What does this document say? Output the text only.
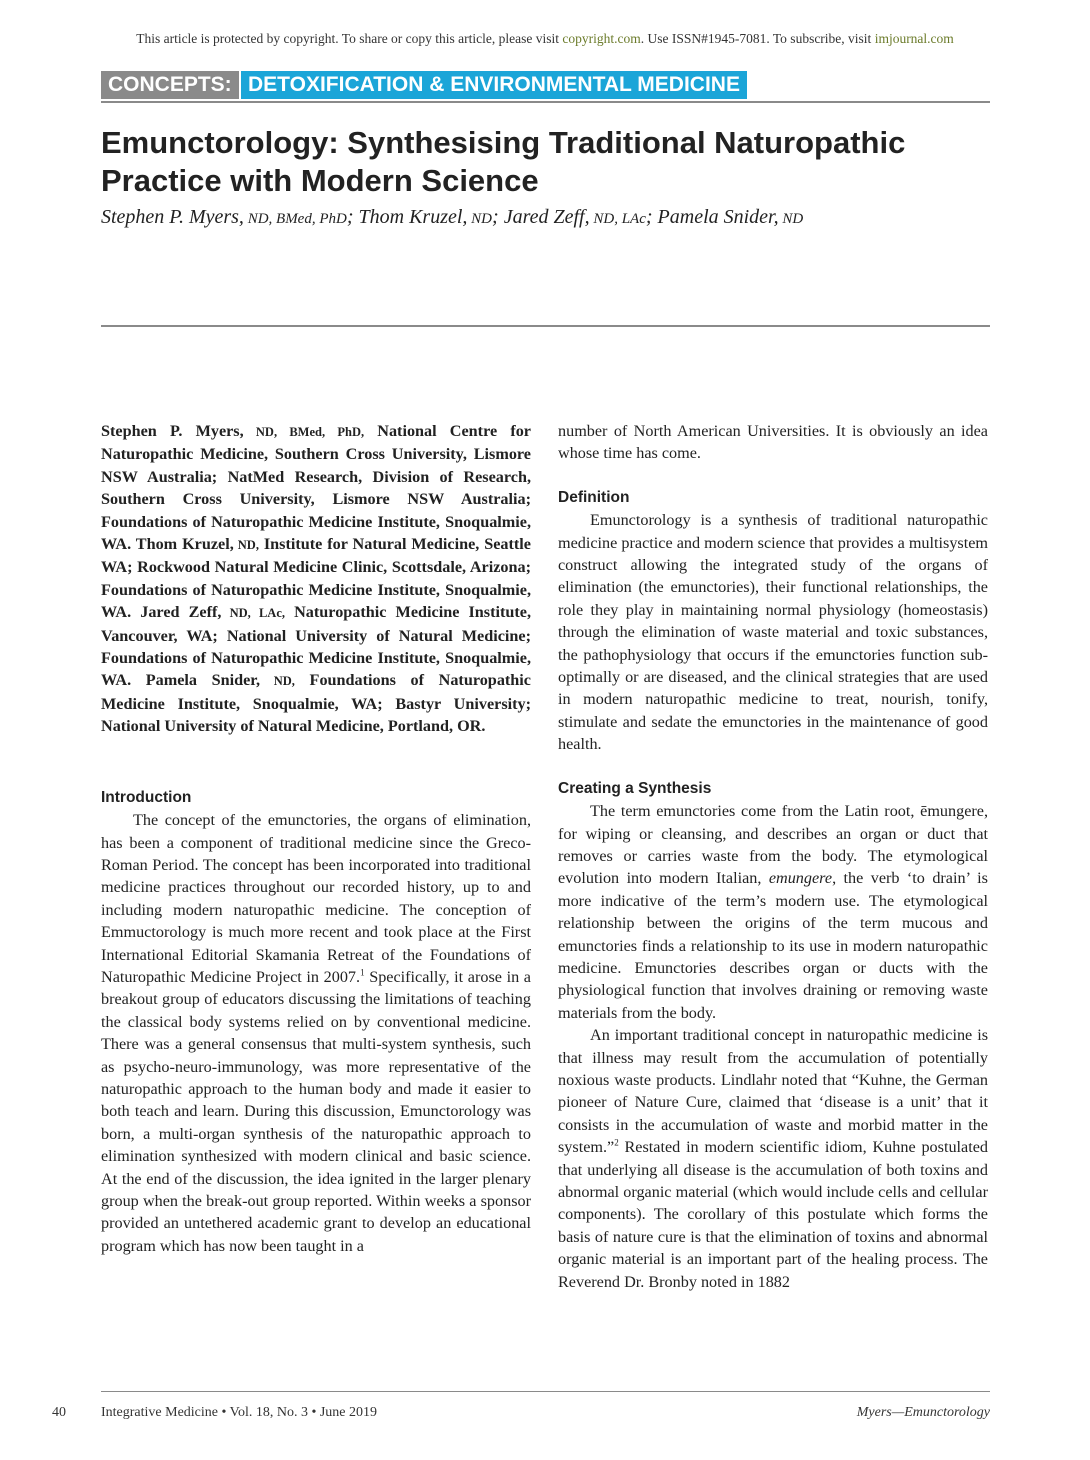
This article is protected by copyright. To share or copy this article, please visit copyright.com. Use ISSN#1945-7081. To subscribe, visit imjournal.com
CONCEPTS: DETOXIFICATION & ENVIRONMENTAL MEDICINE
Emunctorology: Synthesising Traditional Naturopathic
Practice with Modern Science
Stephen P. Myers, ND, BMed, PhD; Thom Kruzel, ND; Jared Zeff, ND, LAc; Pamela Snider, ND

Stephen P. Myers, ND, BMed, PhD, National Centre for Naturopathic Medicine, Southern Cross University, Lismore NSW Australia; NatMed Research, Division of Research, Southern Cross University, Lismore NSW Australia; Foundations of Naturopathic Medicine Institute, Snoqualmie, WA. Thom Kruzel, ND, Institute for Natural Medicine, Seattle WA; Rockwood Natural Medicine Clinic, Scottsdale, Arizona; Foundations of Naturopathic Medicine Institute, Snoqualmie, WA. Jared Zeff, ND, LAc, Naturopathic Medicine Institute, Vancouver, WA; National University of Natural Medicine; Foundations of Naturopathic Medicine Institute, Snoqualmie, WA. Pamela Snider, ND, Foundations of Naturopathic Medicine Institute, Snoqualmie, WA; Bastyr University; National University of Natural Medicine, Portland, OR.

Introduction

The concept of the emunctories, the organs of elimination, has been a component of traditional medicine since the Greco-Roman Period. The concept has been incorporated into traditional medicine practices throughout our recorded history, up to and including modern naturopathic medicine. The conception of Emmuctorology is much more recent and took place at the First International Editorial Skamania Retreat of the Foundations of Naturopathic Medicine Project in 2007.$^1$ Specifically, it arose in a breakout group of educators discussing the limitations of teaching the classical body systems relied on by conventional medicine. There was a general consensus that multi-system synthesis, such as psycho-neuro-immunology, was more representative of the naturopathic approach to the human body and made it easier to both teach and learn. During this discussion, Emunctorology was born, a multi-organ synthesis of the naturopathic approach to elimination synthesized with modern clinical and basic science. At the end of the discussion, the idea ignited in the larger plenary group when the break-out group reported. Within weeks a sponsor provided an untethered academic grant to develop an educational program which has now been taught in a

number of North American Universities. It is obviously an idea whose time has come.

Definition

Emunctorology is a synthesis of traditional naturopathic medicine practice and modern science that provides a multisystem construct allowing the integrated study of the organs of elimination (the emunctories), their functional relationships, the role they play in maintaining normal physiology (homeostasis) through the elimination of waste material and toxic substances, the pathophysiology that occurs if the emunctories function sub-optimally or are diseased, and the clinical strategies that are used in modern naturopathic medicine to treat, nourish, tonify, stimulate and sedate the emunctories in the maintenance of good health.

Creating a Synthesis

The term emunctories come from the Latin root, ēmungere, for wiping or cleansing, and describes an organ or duct that removes or carries waste from the body. The etymological evolution into modern Italian, emungere, the verb ‘to drain’ is more indicative of the term’s modern use. The etymological relationship between the origins of the term mucous and emunctories finds a relationship to its use in modern naturopathic medicine. Emunctories describes organ or ducts with the physiological function that involves draining or removing waste materials from the body.

An important traditional concept in naturopathic medicine is that illness may result from the accumulation of potentially noxious waste products. Lindlahr noted that “Kuhne, the German pioneer of Nature Cure, claimed that ‘disease is a unit’ that it consists in the accumulation of waste and morbid matter in the system.”$^2$ Restated in modern scientific idiom, Kuhne postulated that underlying all disease is the accumulation of both toxins and abnormal organic material (which would include cells and cellular components). The corollary of this postulate which forms the basis of nature cure is that the elimination of toxins and abnormal organic material is an important part of the healing process. The Reverend Dr. Bronby noted in 1882

40	Integrative Medicine • Vol. 18, No. 3 • June 2019	Myers—Emunctorology
